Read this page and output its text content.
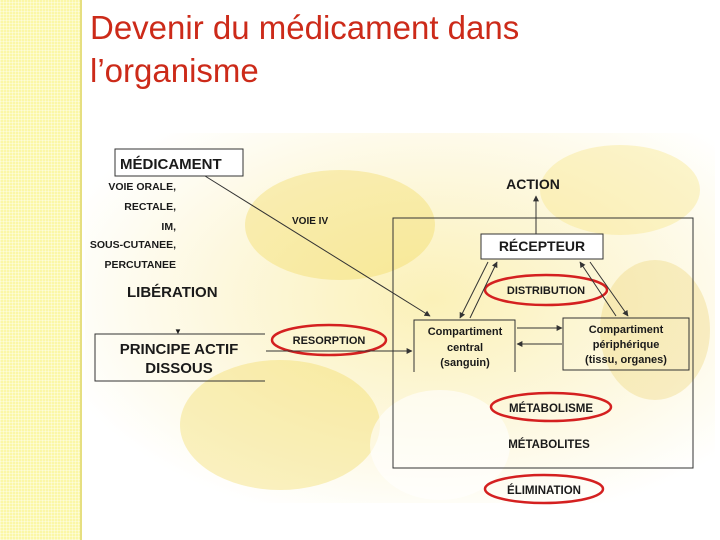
Devenir du médicament dans
l’organisme
MÉDICAMENT
VOIE ORALE,
RECTALE,
IM,
SOUS-CUTANEE,
PERCUTANEE
LIBÉRATION
▼
PRINCIPE ACTIF
DISSOUS
VOIE IV
ACTION
RÉCEPTEUR
DISTRIBUTION
RESORPTION
Compartiment
central
(sanguin)
Compartiment
périphérique
(tissu, organes)
MÉTABOLISME
MÉTABOLITES
ÉLIMINATION
